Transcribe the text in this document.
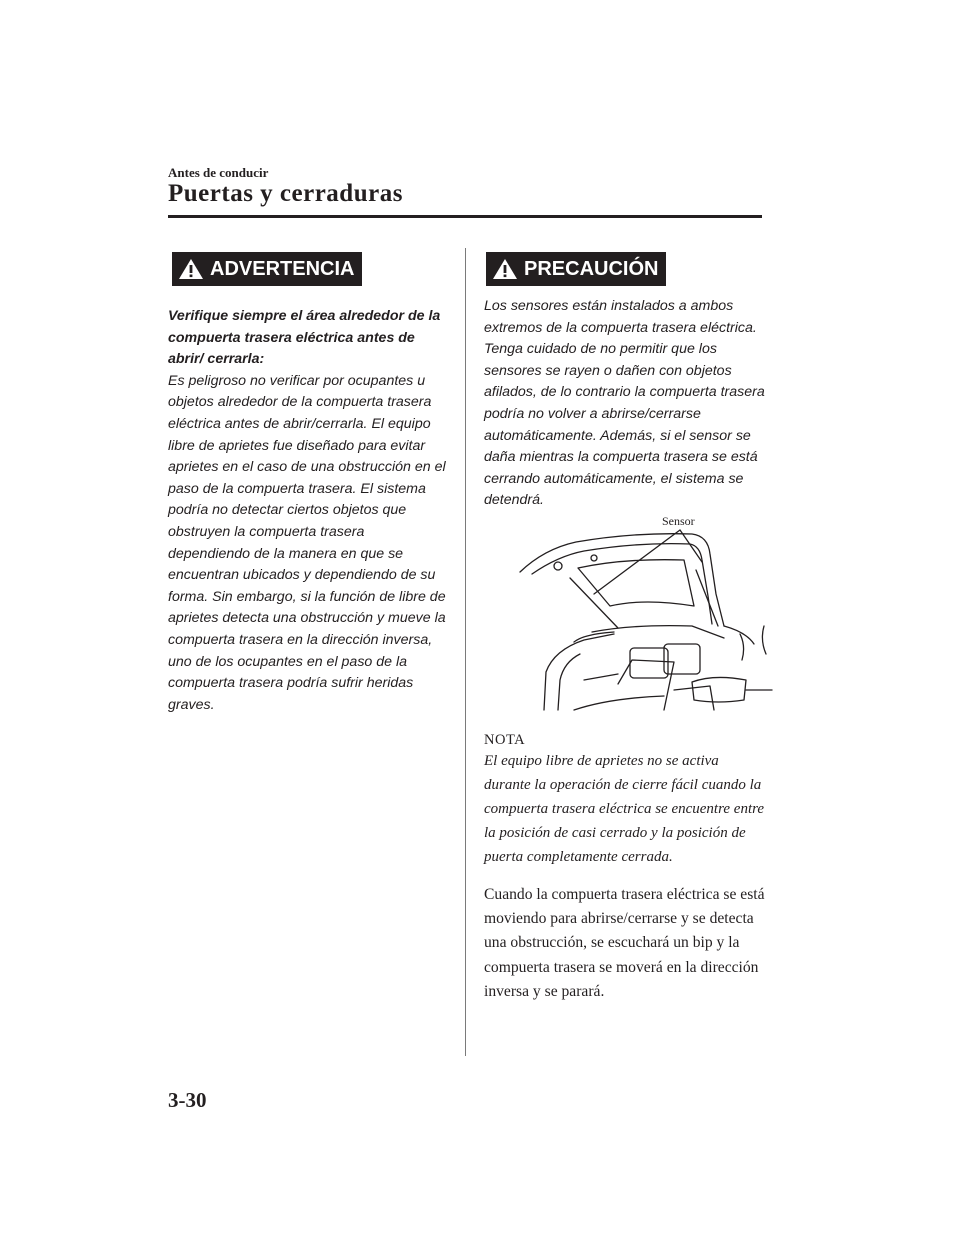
Antes de conducir
Puertas y cerraduras
ADVERTENCIA

Verifique siempre el área alrededor de la compuerta trasera eléctrica antes de abrir/ cerrarla:

Es peligroso no verificar por ocupantes u objetos alrededor de la compuerta trasera eléctrica antes de abrir/cerrarla. El equipo libre de aprietes fue diseñado para evitar aprietes en el caso de una obstrucción en el paso de la compuerta trasera. El sistema podría no detectar ciertos objetos que obstruyen la compuerta trasera dependiendo de la manera en que se encuentran ubicados y dependiendo de su forma. Sin embargo, si la función de libre de aprietes detecta una obstrucción y mueve la compuerta trasera en la dirección inversa, uno de los ocupantes en el paso de la compuerta trasera podría sufrir heridas graves.

PRECAUCIÓN

Los sensores están instalados a ambos extremos de la compuerta trasera eléctrica. Tenga cuidado de no permitir que los sensores se rayen o dañen con objetos afilados, de lo contrario la compuerta trasera podría no volver a abrirse/cerrarse automáticamente. Además, si el sensor se daña mientras la compuerta trasera se está cerrando automáticamente, el sistema se detendrá.

Sensor
NOTA

El equipo libre de aprietes no se activa durante la operación de cierre fácil cuando la compuerta trasera eléctrica se encuentre entre la posición de casi cerrado y la posición de puerta completamente cerrada.

Cuando la compuerta trasera eléctrica se está moviendo para abrirse/cerrarse y se detecta una obstrucción, se escuchará un bip y la compuerta trasera se moverá en la dirección inversa y se parará.

3-30
